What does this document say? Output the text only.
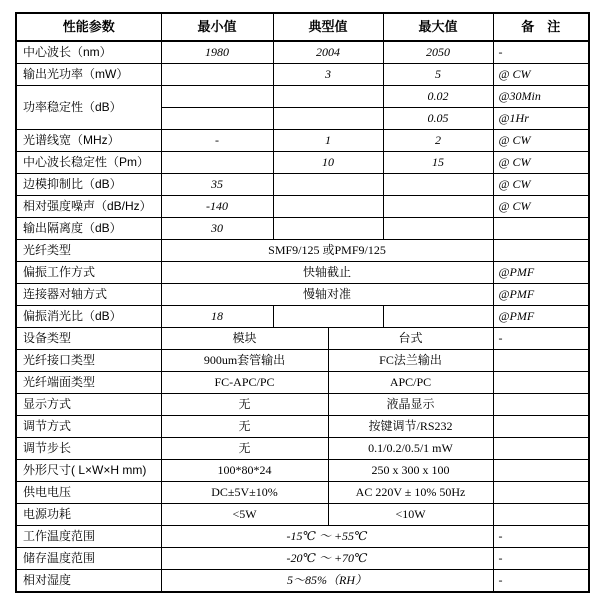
性能参数	最小值	典型值		最大值	备　注
中心波长（nm）	1980	2004		2050	-
输出光功率（mW）		3		5	@ CW
功率稳定性（dB）				0.02	@30Min
				0.05	@1Hr
光谱线宽（MHz）	-	1		2	@ CW
中心波长稳定性（Pm）		10		15	@ CW
边模抑制比（dB）	35				@ CW
相对强度噪声（dB/Hz）	-140				@ CW
输出隔离度（dB）	30				
光纤类型	SMF9/125 或PMF9/125				
偏振工作方式	快轴截止				@PMF
连接器对轴方式	慢轴对准				@PMF
偏振消光比（dB）	18				@PMF
设备类型	模块		台式		-
光纤接口类型	900um套管输出		FC法兰输出		
光纤端面类型	FC-APC/PC		APC/PC		
显示方式	无		液晶显示		
调节方式	无		按键调节/RS232		
调节步长	无		0.1/0.2/0.5/1 mW		
外形尺寸( L×W×H mm)	100*80*24		250 x 300 x 100		
供电电压	DC±5V±10%		AC 220V ± 10% 50Hz		
电源功耗	<5W		<10W		
工作温度范围	-15℃ ～ +55℃				-
储存温度范围	-20℃ ～ +70℃				-
相对湿度	5～85%（RH）				-
